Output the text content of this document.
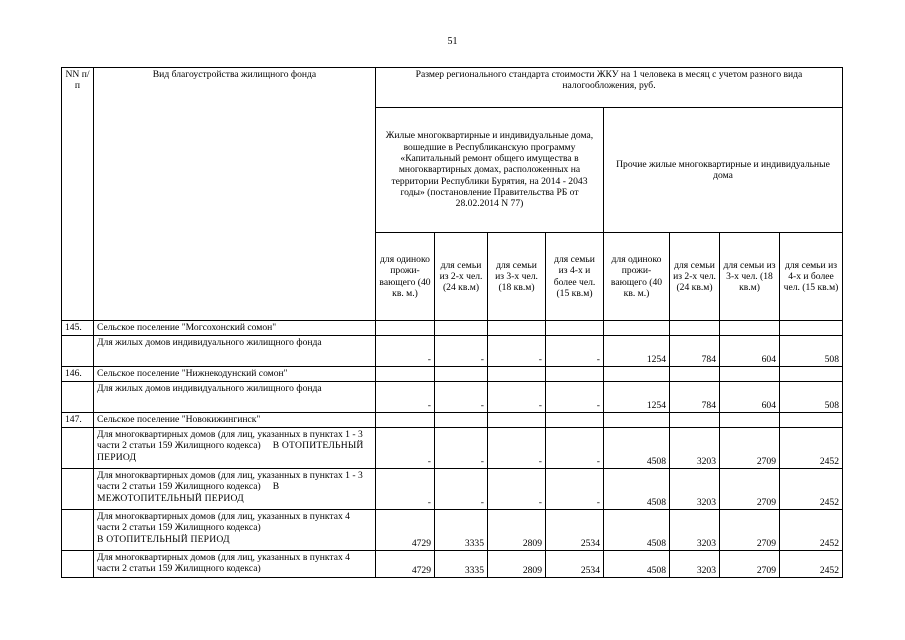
51
NN п/п	Вид благоустройства жилищного фонда	Размер регионального стандарта стоимости ЖКУ на 1 человека в месяц с учетом разного вида налогообложения, руб.							
		Жилые многоквартирные и индивидуальные дома, вошедшие в Республиканскую программу «Капитальный ремонт общего имущества в многоквартирных домах, расположенных на территории Республики Бурятия, на 2014 - 2043 годы» (постановление Правительства РБ от 28.02.2014 N 77)				Прочие жилые многоквартирные и индивидуальные дома			
		для одиноко прожи-вающего (40 кв. м.)	для семьи из 2-х чел. (24 кв.м)	для семьи из 3-х чел. (18 кв.м)	для семьи из 4-х и более чел. (15 кв.м)	для одиноко прожи-вающего (40 кв. м.)	для семьи из 2-х чел. (24 кв.м)	для семьи из 3-х чел. (18 кв.м)	для семьи из 4-х и более чел. (15 кв.м)
145.	Сельское поселение "Могсохонский сомон"								
	Для жилых домов индивидуального жилищного фонда	-	-	-	-	1254	784	604	508
146.	Сельское поселение "Нижнекодунский сомон"								
	Для жилых домов индивидуального жилищного фонда	-	-	-	-	1254	784	604	508
147.	Сельское поселение "Новокижингинск"								
	Для многоквартирных домов (для лиц, указанных в пунктах 1 - 3 части 2 статьи 159 Жилищного кодекса) В ОТОПИТЕЛЬНЫЙ ПЕРИОД	-	-	-	-	4508	3203	2709	2452
	Для многоквартирных домов (для лиц, указанных в пунктах 1 - 3 части 2 статьи 159 Жилищного кодекса) В МЕЖОТОПИТЕЛЬНЫЙ ПЕРИОД	-	-	-	-	4508	3203	2709	2452
	Для многоквартирных домов (для лиц, указанных в пунктах 4 части 2 статьи 159 Жилищного кодекса)
В ОТОПИТЕЛЬНЫЙ ПЕРИОД	4729	3335	2809	2534	4508	3203	2709	2452
	Для многоквартирных домов (для лиц, указанных в пунктах 4 части 2 статьи 159 Жилищного кодекса)	4729	3335	2809	2534	4508	3203	2709	2452
